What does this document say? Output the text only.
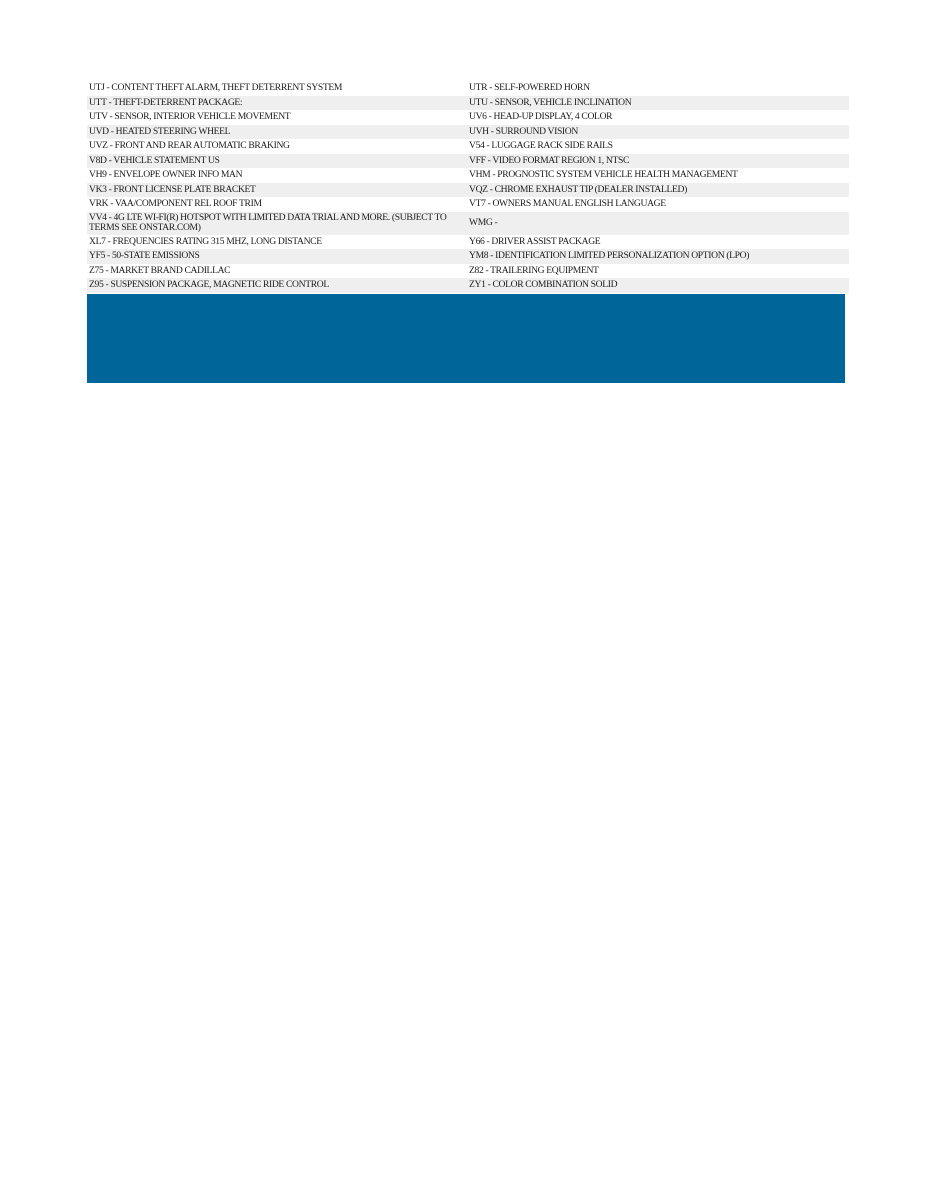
UTJ - CONTENT THEFT ALARM, THEFT DETERRENT SYSTEM	UTR - SELF-POWERED HORN
UTT - THEFT-DETERRENT PACKAGE:	UTU - SENSOR, VEHICLE INCLINATION
UTV - SENSOR, INTERIOR VEHICLE MOVEMENT	UV6 - HEAD-UP DISPLAY, 4 COLOR
UVD - HEATED STEERING WHEEL	UVH - SURROUND VISION
UVZ - FRONT AND REAR AUTOMATIC BRAKING	V54 - LUGGAGE RACK SIDE RAILS
V8D - VEHICLE STATEMENT US	VFF - VIDEO FORMAT REGION 1, NTSC
VH9 - ENVELOPE OWNER INFO MAN	VHM - PROGNOSTIC SYSTEM VEHICLE HEALTH MANAGEMENT
VK3 - FRONT LICENSE PLATE BRACKET	VQZ - CHROME EXHAUST TIP (DEALER INSTALLED)
VRK - VAA/COMPONENT REL ROOF TRIM	VT7 - OWNERS MANUAL ENGLISH LANGUAGE
VV4 - 4G LTE WI-FI(R) HOTSPOT WITH LIMITED DATA TRIAL AND MORE. (SUBJECT TO TERMS SEE ONSTAR.COM)	WMG -
XL7 - FREQUENCIES RATING 315 MHZ, LONG DISTANCE	Y66 - DRIVER ASSIST PACKAGE
YF5 - 50-STATE EMISSIONS	YM8 - IDENTIFICATION LIMITED PERSONALIZATION OPTION (LPO)
Z75 - MARKET BRAND CADILLAC	Z82 - TRAILERING EQUIPMENT
Z95 - SUSPENSION PACKAGE, MAGNETIC RIDE CONTROL	ZY1 - COLOR COMBINATION SOLID
